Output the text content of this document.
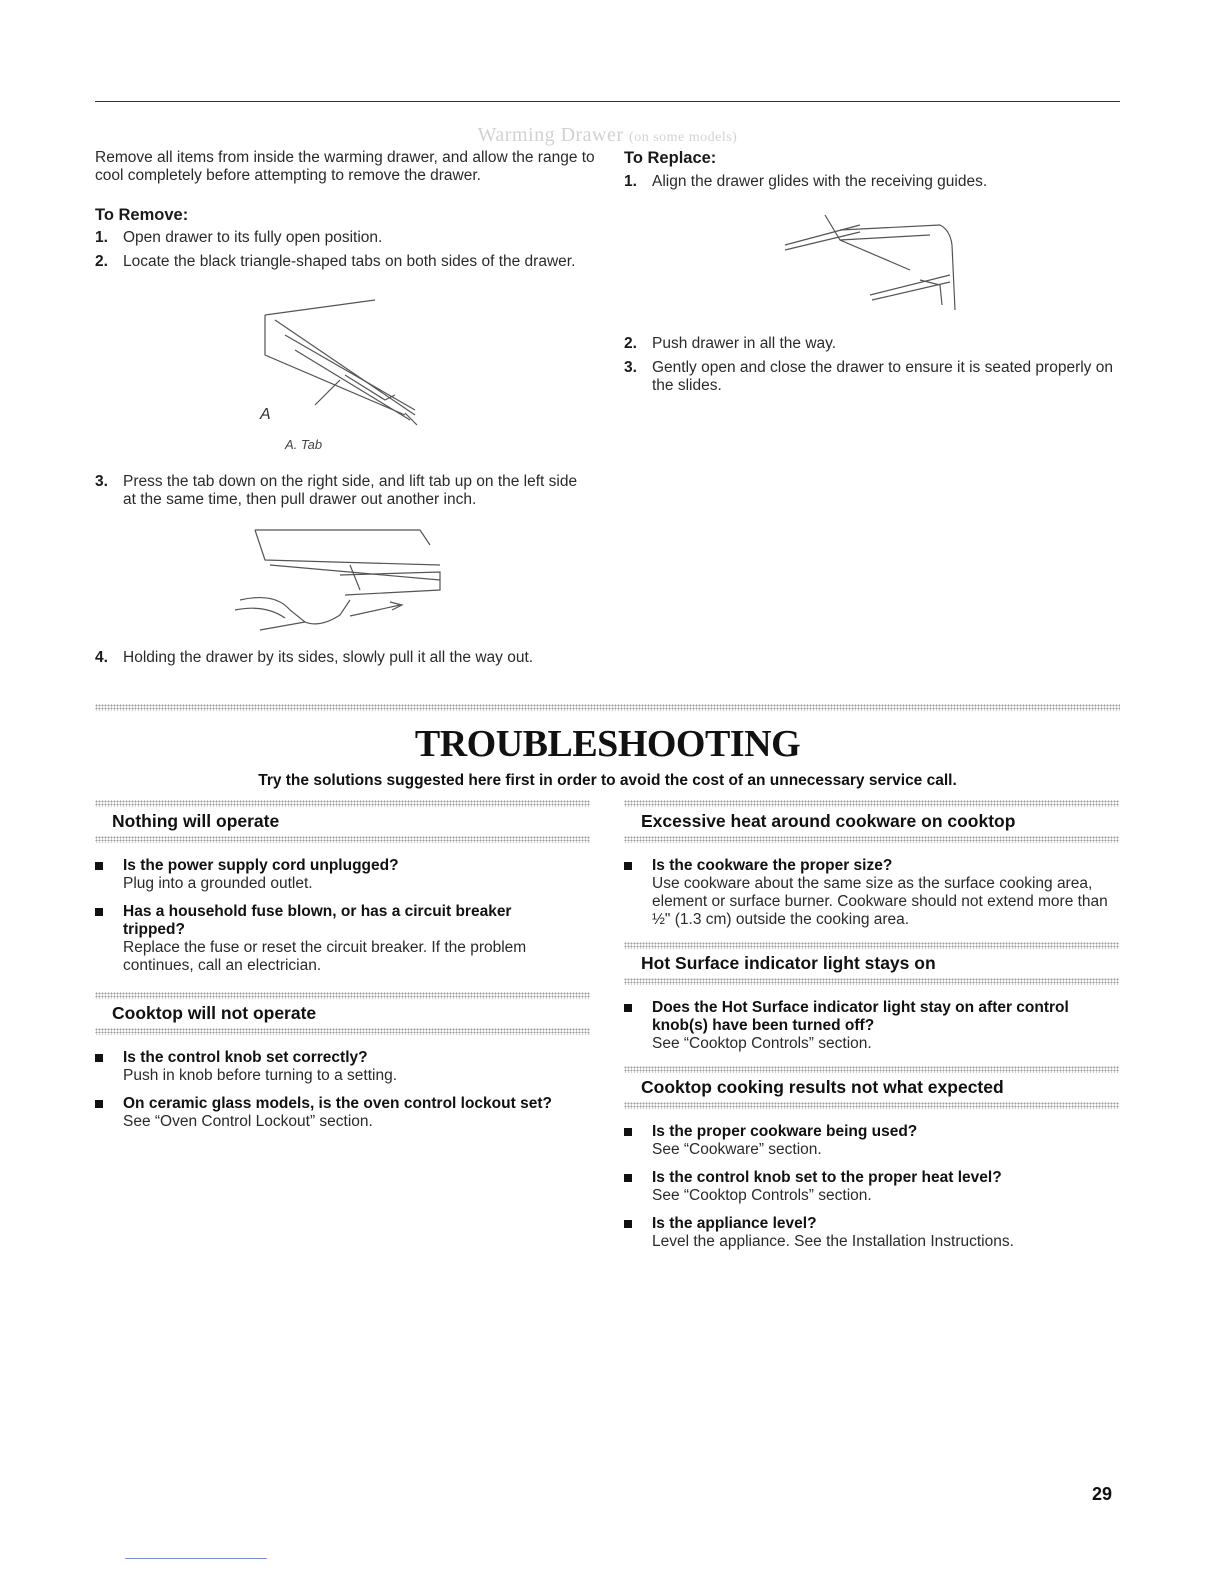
Warming Drawer (on some models)

Remove all items from inside the warming drawer, and allow the range to cool completely before attempting to remove the drawer.

To Remove:
1. Open drawer to its fully open position.
2. Locate the black triangle-shaped tabs on both sides of the drawer.
A
A. Tab
3. Press the tab down on the right side, and lift tab up on the left side at the same time, then pull drawer out another inch.
4. Holding the drawer by its sides, slowly pull it all the way out.
To Replace:
1. Align the drawer glides with the receiving guides.
2. Push drawer in all the way.
3. Gently open and close the drawer to ensure it is seated properly on the slides.
TROUBLESHOOTING
Try the solutions suggested here first in order to avoid the cost of an unnecessary service call.
Nothing will operate
Is the power supply cord unplugged?
Plug into a grounded outlet.
Has a household fuse blown, or has a circuit breaker tripped?
Replace the fuse or reset the circuit breaker. If the problem continues, call an electrician.
Cooktop will not operate
Is the control knob set correctly?
Push in knob before turning to a setting.
On ceramic glass models, is the oven control lockout set?
See “Oven Control Lockout” section.
Excessive heat around cookware on cooktop
Is the cookware the proper size?
Use cookware about the same size as the surface cooking area, element or surface burner. Cookware should not extend more than ½" (1.3 cm) outside the cooking area.
Hot Surface indicator light stays on
Does the Hot Surface indicator light stay on after control knob(s) have been turned off?
See “Cooktop Controls” section.
Cooktop cooking results not what expected
Is the proper cookware being used?
See “Cookware” section.
Is the control knob set to the proper heat level?
See “Cooktop Controls” section.
Is the appliance level?
Level the appliance. See the Installation Instructions.
29
